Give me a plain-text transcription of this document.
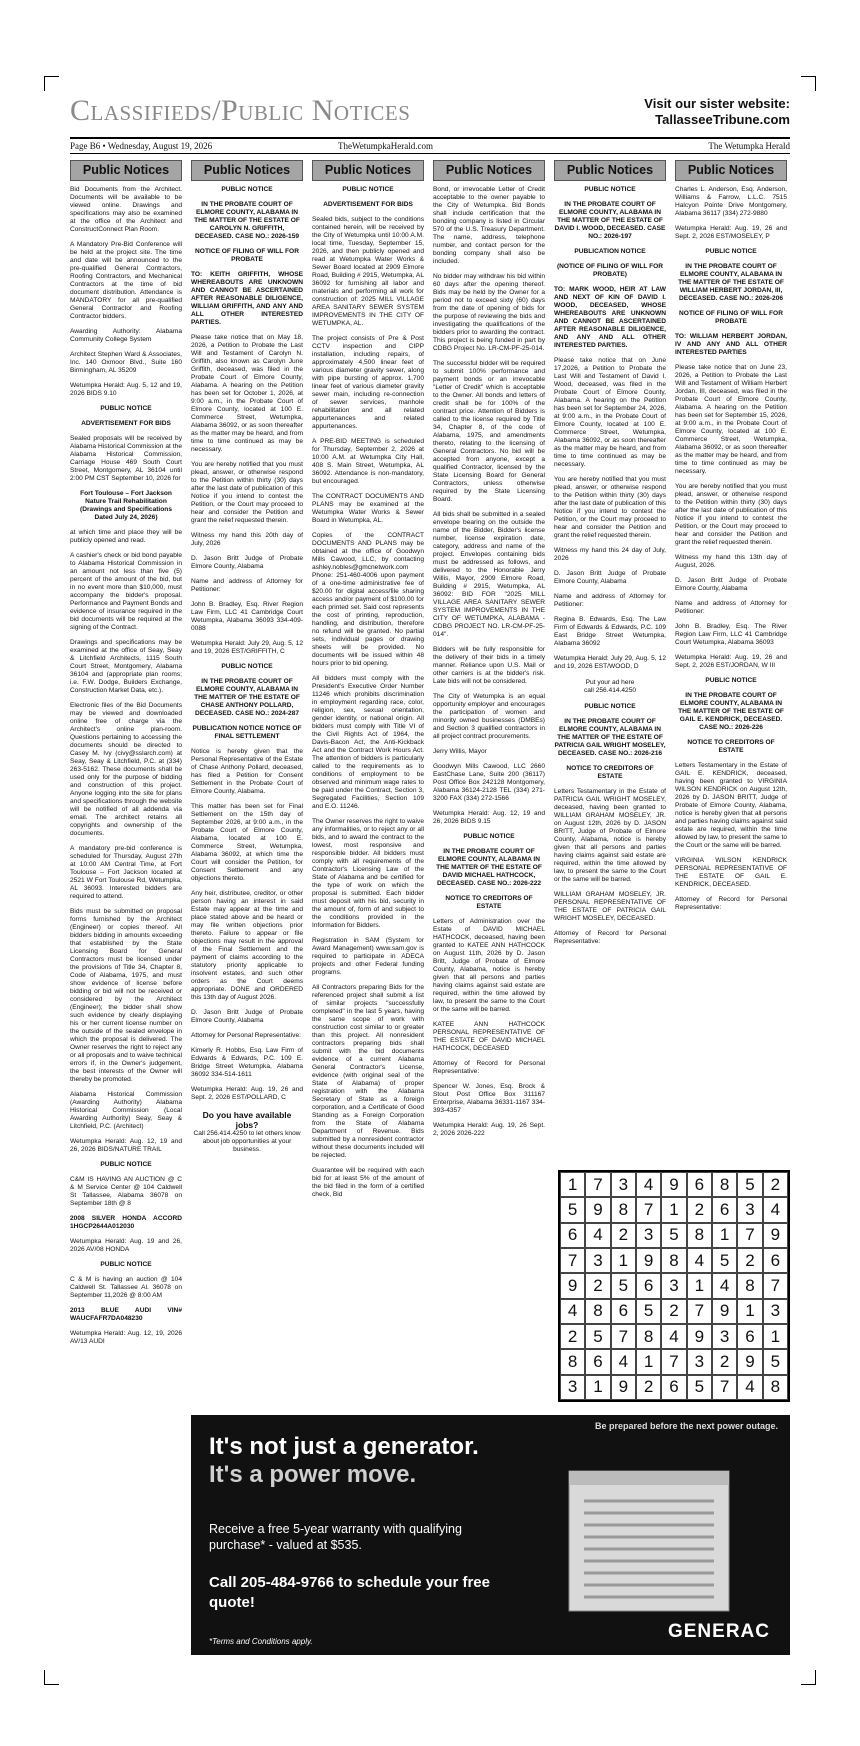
Classifieds/Public Notices	Visit our sister website:
TallasseeTribune.com
Page B6 • Wednesday, August 19, 2026	TheWetumpkaHerald.com	The Wetumpka Herald
Public Notices

Bid Documents from the Architect. Documents will be available to be viewed online. Drawings and specifications may also be examined at the office of the Architect and ConstructConnect Plan Room.

A Mandatory Pre-Bid Conference will be held at the project site. The time and date will be announced to the pre-qualified General Contractors, Roofing Contractors, and Mechanical Contractors at the time of bid document distribution. Attendance is MANDATORY for all pre-qualified General Contractor and Roofing Contractor bidders.

Awarding Authority: Alabama Community College System

Architect Stephen Ward & Associates, Inc. 140 Oxmoor Blvd., Suite 160 Birmingham, AL 35209

Wetumpka Herald: Aug. 5, 12 and 19, 2026 BIDS 9.10

PUBLIC NOTICE

ADVERTISEMENT FOR BIDS

Sealed proposals will be received by Alabama Historical Commission at the Alabama Historical Commission, Carriage House 469 South Court Street, Montgomery, AL 36104 until 2:00 PM CST September 10, 2026 for

Fort Toulouse – Fort Jackson Nature Trail Rehabilitation (Drawings and Specifications Dated July 24, 2026)

at which time and place they will be publicly opened and read.

A cashier's check or bid bond payable to Alabama Historical Commission in an amount not less than five (5) percent of the amount of the bid, but in no event more than $10,000, must accompany the bidder's proposal. Performance and Payment Bonds and evidence of insurance required in the bid documents will be required at the signing of the Contract.

Drawings and specifications may be examined at the office of Seay, Seay & Litchfield Architects, 1115 South Court Street, Montgomery, Alabama 36104 and (appropriate plan rooms; i.e. F.W. Dodge, Builders Exchange, Construction Market Data, etc.).

Electronic files of the Bid Documents may be viewed and downloaded online free of charge via the Architect's online plan-room. Questions pertaining to accessing the documents should be directed to Casey M. Ivy (civy@sslarch.com) at Seay, Seay & Litchfield, P.C. at (334) 263-5162. These documents shall be used only for the purpose of bidding and construction of this project. Anyone logging into the site for plans and specifications through the website will be notified of all addenda via email. The architect retains all copyrights and ownership of the documents.

A mandatory pre-bid conference is scheduled for Thursday, August 27th at 10:00 AM Central Time, at Fort Toulouse – Fort Jackson located at 2521 W Fort Toulouse Rd, Wetumpka, AL 36093. Interested bidders are required to attend.

Bids must be submitted on proposal forms furnished by the Architect (Engineer) or copies thereof. All bidders bidding in amounts exceeding that established by the State Licensing Board for General Contractors must be licensed under the provisions of Title 34, Chapter 8, Code of Alabama, 1975, and must show evidence of license before bidding or bid will not be received or considered by the Architect (Engineer); the bidder shall show such evidence by clearly displaying his or her current license number on the outside of the sealed envelope in which the proposal is delivered. The Owner reserves the right to reject any or all proposals and to waive technical errors if, in the Owner's judgement, the best interests of the Owner will thereby be promoted.

Alabama Historical Commission (Awarding Authority) Alabama Historical Commission (Local Awarding Authority) Seay, Seay & Litchfield, P.C. (Architect)

Wetumpka Herald: Aug. 12, 19 and 26, 2026 BIDS/NATURE TRAIL

PUBLIC NOTICE

C&M IS HAVING AN AUCTION @ C & M Service Center @ 104 Caldwell St Tallassee, Alabama 36078 on September 18th @ 8

2008 SILVER HONDA ACCORD 1HGCP2644A012030

Wetumpka Herald: Aug. 19 and 26, 2026 AV/08 HONDA

PUBLIC NOTICE

C & M is having an auction @ 104 Caldwell St. Tallassee Al. 36078 on September 11,2026 @ 8:00 AM

2013 BLUE AUDI VIN# WAUCFAFR7DA048230

Wetumpka Herald: Aug. 12, 19, 2026 AV/13 AUDI

Public Notices

PUBLIC NOTICE

IN THE PROBATE COURT OF ELMORE COUNTY, ALABAMA IN THE MATTER OF THE ESTATE OF CAROLYN N. GRIFFITH, DECEASED. CASE NO.: 2026-159

NOTICE OF FILING OF WILL FOR PROBATE

TO: KEITH GRIFFITH, WHOSE WHEREABOUTS ARE UNKNOWN AND CANNOT BE ASCERTAINED AFTER REASONABLE DILIGENCE, WILLIAM GRIFFITH, AND ANY AND ALL OTHER INTERESTED PARTIES.

Please take notice that on May 18, 2026, a Petition to Probate the Last Will and Testament of Carolyn N. Griffith, also known as Carolyn June Griffith, deceased, was filed in the Probate Court of Elmore County, Alabama. A hearing on the Petition has been set for October 1, 2026, at 9:00 a.m., in the Probate Court of Elmore County, located at 100 E. Commerce Street, Wetumpka, Alabama 36092, or as soon thereafter as the matter may be heard, and from time to time continued as may be necessary.

You are hereby notified that you must plead, answer, or otherwise respond to the Petition within thirty (30) days after the last date of publication of this Notice if you intend to contest the Petition, or the Court may proceed to hear and consider the Petition and grant the relief requested therein.

Witness my hand this 20th day of July, 2026

D. Jason Britt Judge of Probate Elmore County, Alabama

Name and address of Attorney for Petitioner:

John B. Bradley, Esq. River Region Law Firm, LLC 41 Cambridge Court Wetumpka, Alabama 36093 334-409-0088

Wetumpka Herald: July 29, Aug. 5, 12 and 19, 2026 EST/GRIFFITH, C

PUBLIC NOTICE

IN THE PROBATE COURT OF ELMORE COUNTY, ALABAMA IN THE MATTER OF THE ESTATE OF CHASE ANTHONY POLLARD, DECEASED. CASE NO.: 2024-287

PUBLICATION NOTICE NOTICE OF FINAL SETTLEMENT

Notice is hereby given that the Personal Representative of the Estate of Chase Anthony Pollard, deceased, has filed a Petition for Consent Settlement in the Probate Court of Elmore County, Alabama.

This matter has been set for Final Settlement on the 15th day of September 2026, at 9:00 a.m., in the Probate Court of Elmore County, Alabama, located at 100 E. Commerce Street, Wetumpka, Alabama 36092, at which time the Court will consider the Petition, for Consent Settlement and any objections thereto.

Any heir, distributee, creditor, or other person having an interest in said Estate may appear at the time and place stated above and be heard or may file written objections prior thereto. Failure to appear or file objections may result in the approval of the Final Settlement and the payment of claims according to the statutory priority applicable to insolvent estates, and such other orders as the Court deems appropriate. DONE and ORDERED this 13th day of August 2026.

D. Jason Britt Judge of Probate Elmore County, Alabama

Attorney for Personal Representative:

Kimerly R. Hobbs, Esq. Law Firm of Edwards & Edwards, P.C. 109 E. Bridge Street Wetumpka, Alabama 36092 334-514-1611

Wetumpka Herald: Aug. 19, 26 and Sept. 2, 2026 EST/POLLARD, C

Do you have available jobs?
Call 256.414.4250 to let others know about job opportunities at your business.
Public Notices

PUBLIC NOTICE

ADVERTISEMENT FOR BIDS

Sealed bids, subject to the conditions contained herein, will be received by the City of Wetumpka until 10:00 A.M. local time, Tuesday, September 15, 2026, and then publicly opened and read at Wetumpka Water Works & Sewer Board located at 2909 Elmore Road, Building # 2915, Wetumpka, AL 36092 for furnishing all labor and materials and performing all work for construction of: 2025 MILL VILLAGE AREA SANITARY SEWER SYSTEM IMPROVEMENTS IN THE CITY OF WETUMPKA, AL.

The project consists of Pre & Post CCTV inspection and CIPP installation, including repairs, of approximately 4,500 linear feet of various diameter gravity sewer, along with pipe bursting of approx. 1,700 linear feet of various diameter gravity sewer main, including re-connection of sewer services, manhole rehabilitation and all related appurtenances and related appurtenances.

A PRE-BID MEETING is scheduled for Thursday, September 2, 2026 at 10:00 A.M. at Wetumpka City Hall, 408 S. Main Street, Wetumpka, AL 36092. Attendance is non-mandatory, but encouraged.

The CONTRACT DOCUMENTS AND PLANS may be examined at the Wetumpka Water Works & Sewer Board in Wetumpka, AL.

Copies of the CONTRACT DOCUMENTS AND PLANS may be obtained at the office of Goodwyn Mills Cawood, LLC, by contacting ashley.nobles@gmcnetwork.com Phone: 251-460-4006 upon payment of a one-time administrative fee of $20.00 for digital access/file sharing access and/or payment of $100.00 for each printed set. Said cost represents the cost of printing, reproduction, handling, and distribution, therefore no refund will be granted. No partial sets, individual pages or drawing sheets will be provided. No documents will be issued within 48 hours prior to bid opening.

All bidders must comply with the President's Executive Order Number 11246 which prohibits discrimination in employment regarding race, color, religion, sex, sexual orientation, gender identity, or national origin. All bidders must comply with Title VI of the Civil Rights Act of 1964, the Davis-Bacon Act, the Anti-Kickback Act and the Contract Work Hours Act. The attention of bidders is particularly called to the requirements as to conditions of employment to be observed and minimum wage rates to be paid under the Contract, Section 3, Segregated Facilities, Section 109 and E.O. 11246.

The Owner reserves the right to waive any informalities, or to reject any or all bids, and to award the contract to the lowest, most responsive and responsible bidder. All bidders must comply with all requirements of the Contractor's Licensing Law of the State of Alabama and be certified for the type of work on which the proposal is submitted. Each bidder must deposit with his bid, security in the amount of, form of and subject to the conditions provided in the Information for Bidders.

Registration in SAM (System for Award Management) www.sam.gov is required to participate in ADECA projects and other Federal funding programs.

All Contractors preparing Bids for the referenced project shall submit a list of similar projects "successfully completed" in the last 5 years, having the same scope of work with construction cost similar to or greater than this project. All nonresident contractors preparing bids shall submit with the bid documents evidence of a current Alabama General Contractor's License, evidence (with original seal of the State of Alabama) of proper registration with the Alabama Secretary of State as a foreign corporation, and a Certificate of Good Standing as a Foreign Corporation from the State of Alabama Department of Revenue. Bids submitted by a nonresident contractor without these documents included will be rejected.

Guarantee will be required with each bid for at least 5% of the amount of the bid filed in the form of a certified check, Bid

Public Notices

Bond, or irrevocable Letter of Credit acceptable to the owner payable to the City of Wetumpka. Bid Bonds shall include certification that the bonding company is listed in Circular 570 of the U.S. Treasury Department. The name, address, telephone number, and contact person for the bonding company shall also be included.

No bidder may withdraw his bid within 60 days after the opening thereof. Bids may be held by the Owner for a period not to exceed sixty (60) days from the date of opening of bids for the purpose of reviewing the bids and investigating the qualifications of the bidders prior to awarding the contract. This project is being funded in part by CDBG Project No. LR-CM-PF-25-014.

The successful bidder will be required to submit 100% performance and payment bonds or an irrevocable "Letter of Credit" which is acceptable to the Owner. All bonds and letters of credit shall be for 100% of the contract price. Attention of Bidders is called to the license required by Title 34, Chapter 8, of the code of Alabama, 1975, and amendments thereto, relating to the licensing of General Contractors. No bid will be accepted from anyone, except a qualified Contractor, licensed by the State Licensing Board for General Contractors, unless otherwise required by the State Licensing Board.

All bids shall be submitted in a sealed envelope bearing on the outside the name of the Bidder, Bidder's license number, license expiration date, category, address and name of the project. Envelopes containing bids must be addressed as follows, and delivered to the Honorable Jerry Willis, Mayor, 2909 Elmore Road, Building # 2915, Wetumpka, AL 36092: BID FOR "2025 MILL VILLAGE AREA SANITARY SEWER SYSTEM IMPROVEMENTS IN THE CITY OF WETUMPKA, ALABAMA - CDBG PROJECT NO. LR-CM-PF-25-014".

Bidders will be fully responsible for the delivery of their bids in a timely manner. Reliance upon U.S. Mail or other carriers is at the bidder's risk. Late bids will not be considered.

The City of Wetumpka is an equal opportunity employer and encourages the participation of women and minority owned businesses (DMBEs) and Section 3 qualified contractors in all project contract procurements.

Jerry Willis, Mayor

Goodwyn Mills Cawood, LLC 2660 EastChase Lane, Suite 200 (36117) Post Office Box 242128 Montgomery, Alabama 36124-2128 TEL (334) 271-3200 FAX (334) 272-1566

Wetumpka Herald: Aug. 12, 19 and 26, 2026 BIDS 9.15

PUBLIC NOTICE

IN THE PROBATE COURT OF ELMORE COUNTY, ALABAMA IN THE MATTER OF THE ESTATE OF DAVID MICHAEL HATHCOCK, DECEASED. CASE NO.: 2026-222

NOTICE TO CREDITORS OF ESTATE

Letters of Administration over the Estate of DAVID MICHAEL HATHCOCK, deceased, having been granted to KATEE ANN HATHCOCK on August 11th, 2026 by D. Jason Britt, Judge of Probate of Elmore County, Alabama, notice is hereby given that all persons and parties having claims against said estate are required, within the time allowed by law, to present the same to the Court or the same will be barred.

KATEE ANN HATHCOCK PERSONAL REPRESENTATIVE OF THE ESTATE OF DAVID MICHAEL HATHCOCK, DECEASED

Attorney of Record for Personal Representative:

Spencer W. Jones, Esq. Brock & Stout Post Office Box 311167 Enterprise, Alabama 36331-1167 334-393-4357

Wetumpka Herald: Aug. 19, 26 Sept. 2, 2026 2026-222

Public Notices

PUBLIC NOTICE

IN THE PROBATE COURT OF ELMORE COUNTY, ALABAMA IN THE MATTER OF THE ESTATE OF DAVID I. WOOD, DECEASED. CASE NO.: 2026-197

PUBLICATION NOTICE

(NOTICE OF FILING OF WILL FOR PROBATE)

TO: MARK WOOD, HEIR AT LAW AND NEXT OF KIN OF DAVID I. WOOD, DECEASED, WHOSE WHEREABOUTS ARE UNKNOWN AND CANNOT BE ASCERTAINED AFTER REASONABLE DILIGENCE, AND ANY AND ALL OTHER INTERESTED PARTIES.

Please take notice that on June 17,2026, a Petition to Probate the Last Will and Testament of David I. Wood, deceased, was filed in the Probate Court of Elmore County, Alabama. A hearing on the Petition has been set for September 24, 2026, at 9:00 a.m., in the Probate Court of Elmore County, located at 100 E. Commerce Street, Wetumpka, Alabama 36092, or as soon thereafter as the matter may be heard, and from time to time continued as may be necessary.

You are hereby notified that you must plead, answer, or otherwise respond to the Petition within thirty (30) days after the last date of publication of this Notice if you intend to contest the Petition, or the Court may proceed to hear and consider the Petition and grant the relief requested therein.

Witness my hand this 24 day of July, 2026

D. Jason Britt Judge of Probate Elmore County, Alabama

Name and address of Attorney for Petitioner:

Regina B. Edwards, Esq. The Law Firm of Edwards & Edwards, P.C. 109 East Bridge Street Wetumpka, Alabama 36092

Wetumpka Herald: July 29, Aug. 5, 12 and 19, 2026 EST/WOOD, D

Put your ad here
call 256.414.4250

PUBLIC NOTICE

IN THE PROBATE COURT OF ELMORE COUNTY, ALABAMA IN THE MATTER OF THE ESTATE OF PATRICIA GAIL WRIGHT MOSELEY, DECEASED. CASE NO.: 2026-216

NOTICE TO CREDITORS OF ESTATE

Letters Testamentary in the Estate of PATRICIA GAIL WRIGHT MOSELEY, deceased, having been granted to WILLIAM GRAHAM MOSELEY, JR. on August 12th, 2026 by D. JASON BRITT, Judge of Probate of Elmore County, Alabama, notice is hereby given that all persons and parties having claims against said estate are required, within the time allowed by law, to present the same to the Court or the same will be barred.

WILLIAM GRAHAM MOSELEY, JR. PERSONAL REPRESENTATIVE OF THE ESTATE OF PATRICIA GAIL WRIGHT MOSELEY, DECEASED.

Attorney of Record for Personal Representative:

Public Notices

Charles L. Anderson, Esq. Anderson, Williams & Farrow, L.L.C. 7515 Halcyon Pointe Drive Montgomery, Alabama 36117 (334) 272-9880

Wetumpka Herald: Aug. 19, 26 and Sept. 2, 2026 EST/MOSELEY, P

PUBLIC NOTICE

IN THE PROBATE COURT OF ELMORE COUNTY, ALABAMA IN THE MATTER OF THE ESTATE OF WILLIAM HERBERT JORDAN, III, DECEASED. CASE NO.: 2026-206

NOTICE OF FILING OF WILL FOR PROBATE

TO: WILLIAM HERBERT JORDAN, IV AND ANY AND ALL OTHER INTERESTED PARTIES

Please take notice that on June 23, 2026, a Petition to Probate the Last Will and Testament of William Herbert Jordan, III, deceased, was filed in the Probate Court of Elmore County, Alabama. A hearing on the Petition has been set for September 15, 2026, at 9:00 a.m., in the Probate Court of Elmore County, located at 100 E. Commerce Street, Wetumpka, Alabama 36092, or as soon thereafter as the matter may be heard, and from time to time continued as may be necessary.

You are hereby notified that you must plead, answer, or otherwise respond to the Petition within thirty (30) days after the last date of publication of this Notice if you intend to contest the Petition, or the Court may proceed to hear and consider the Petition and grant the relief requested therein.

Witness my hand this 13th day of August, 2026.

D. Jason Britt Judge of Probate Elmore County, Alabama

Name and address of Attorney for Petitioner:

John B. Bradley, Esq. The River Region Law Firm, LLC 41 Cambridge Court Wetumpka, Alabama 36093

Wetumpka Herald: Aug. 19, 26 and Sept. 2, 2026 EST/JORDAN, W III

PUBLIC NOTICE

IN THE PROBATE COURT OF ELMORE COUNTY, ALABAMA IN THE MATTER OF THE ESTATE OF GAIL E. KENDRICK, DECEASED. CASE NO.: 2026-226

NOTICE TO CREDITORS OF ESTATE

Letters Testamentary in the Estate of GAIL E. KENDRICK, deceased, having been granted to VIRGINIA WILSON KENDRICK on August 12th, 2026 by D. JASON BRITT, Judge of Probate of Elmore County, Alabama, notice is hereby given that all persons and parties having claims against said estate are required, within the time allowed by law, to present the same to the Court or the same will be barred.

VIRGINIA WILSON KENDRICK PERSONAL REPRESENTATIVE OF THE ESTATE OF GAIL E. KENDRICK, DECEASED.

Attorney of Record for Personal Representative:

1 7 3 4 9 6 8 5 2
5 9 8 7 1 2 6 3 4
6 4 2 3 5 8 1 7 9
7 3 1 9 8 4 5 2 6
9 2 5 6 3 1 4 8 7
4 8 6 5 2 7 9 1 3
2 5 7 8 4 9 3 6 1
8 6 4 1 7 3 2 9 5
3 1 9 2 6 5 7 4 8
Be prepared before the next power outage.
It's not just a generator.
It's a power move.
Receive a free 5-year warranty with qualifying purchase* - valued at $535.
Call 205-484-9766 to schedule your free quote!
*Terms and Conditions apply.	GENERAC
